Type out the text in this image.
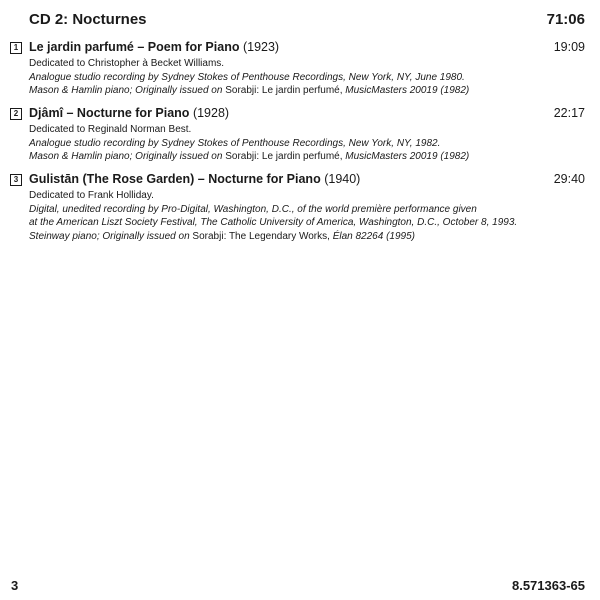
CD 2: Nocturnes	71:06
1 Le jardin parfumé – Poem for Piano (1923)	19:09
Dedicated to Christopher à Becket Williams.
Analogue studio recording by Sydney Stokes of Penthouse Recordings, New York, NY, June 1980.
Mason & Hamlin piano; Originally issued on Sorabji: Le jardin perfumé, MusicMasters 20019 (1982)
2 Djâmî – Nocturne for Piano (1928)	22:17
Dedicated to Reginald Norman Best.
Analogue studio recording by Sydney Stokes of Penthouse Recordings, New York, NY, 1982.
Mason & Hamlin piano; Originally issued on Sorabji: Le jardin perfumé, MusicMasters 20019 (1982)
3 Gulistān (The Rose Garden) – Nocturne for Piano (1940)	29:40
Dedicated to Frank Holliday.
Digital, unedited recording by Pro-Digital, Washington, D.C., of the world première performance given
at the American Liszt Society Festival, The Catholic University of America, Washington, D.C., October 8, 1993.
Steinway piano; Originally issued on Sorabji: The Legendary Works, Élan 82264 (1995)
3	8.571363-65
